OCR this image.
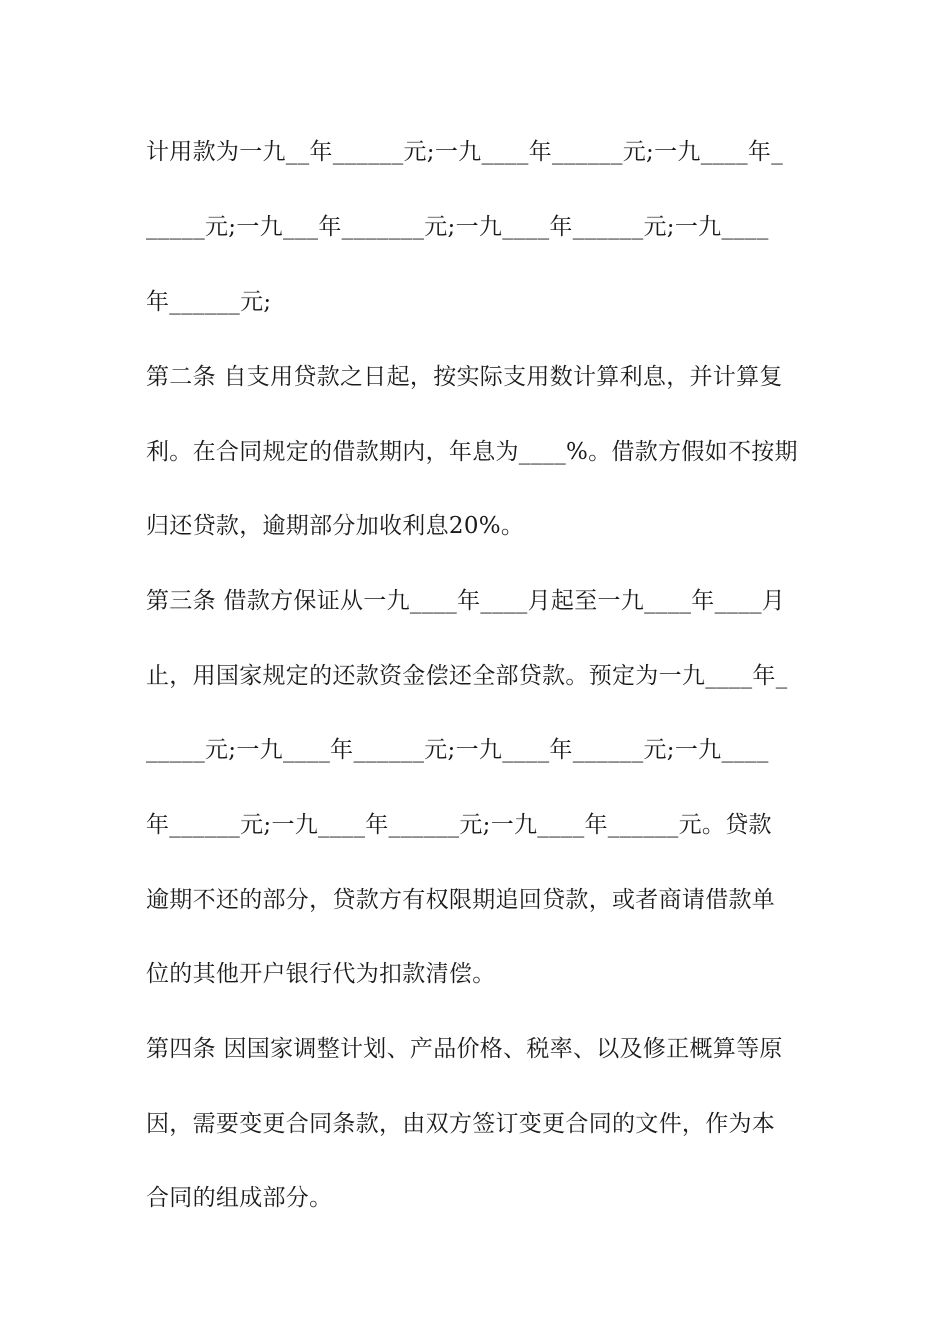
计用款为一九__年______元;一九____年______元;一九____年_
_____元;一九___年_______元;一九____年______元;一九____
年______元;
第二条 自支用贷款之日起，按实际支用数计算利息，并计算复
利。在合同规定的借款期内，年息为____%。借款方假如不按期
归还贷款，逾期部分加收利息20%。
第三条 借款方保证从一九____年____月起至一九____年____月
止，用国家规定的还款资金偿还全部贷款。预定为一九____年_
_____元;一九____年______元;一九____年______元;一九____
年______元;一九____年______元;一九____年______元。贷款
逾期不还的部分，贷款方有权限期追回贷款，或者商请借款单
位的其他开户银行代为扣款清偿。
第四条 因国家调整计划、产品价格、税率、以及修正概算等原
因，需要变更合同条款，由双方签订变更合同的文件，作为本
合同的组成部分。
